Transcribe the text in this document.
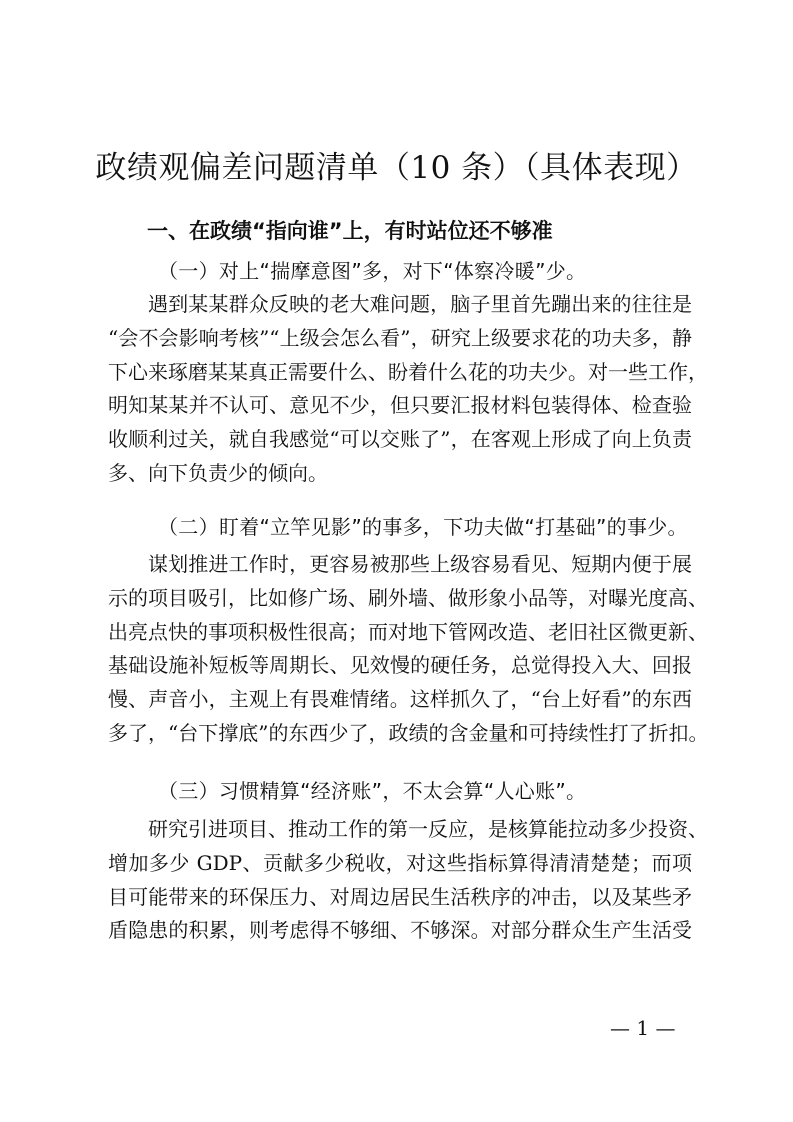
政绩观偏差问题清单（10 条）（具体表现）
一、在政绩“指向谁”上，有时站位还不够准
（一）对上“揣摩意图”多，对下“体察冷暖”少。

遇到某某群众反映的老大难问题，脑子里首先蹦出来的往往是
“会不会影响考核”“上级会怎么看”，研究上级要求花的功夫多，静
下心来琢磨某某真正需要什么、盼着什么花的功夫少。对一些工作，
明知某某并不认可、意见不少，但只要汇报材料包装得体、检查验
收顺利过关，就自我感觉“可以交账了”，在客观上形成了向上负责
多、向下负责少的倾向。

（二）盯着“立竿见影”的事多，下功夫做“打基础”的事少。

谋划推进工作时，更容易被那些上级容易看见、短期内便于展
示的项目吸引，比如修广场、刷外墙、做形象小品等，对曝光度高、
出亮点快的事项积极性很高；而对地下管网改造、老旧社区微更新、
基础设施补短板等周期长、见效慢的硬任务，总觉得投入大、回报
慢、声音小，主观上有畏难情绪。这样抓久了，“台上好看”的东西
多了，“台下撑底”的东西少了，政绩的含金量和可持续性打了折扣。

（三）习惯精算“经济账”，不太会算“人心账”。

研究引进项目、推动工作的第一反应，是核算能拉动多少投资、
增加多少 GDP、贡献多少税收，对这些指标算得清清楚楚；而项
目可能带来的环保压力、对周边居民生活秩序的冲击，以及某些矛
盾隐患的积累，则考虑得不够细、不够深。对部分群众生产生活受

— 1 —
